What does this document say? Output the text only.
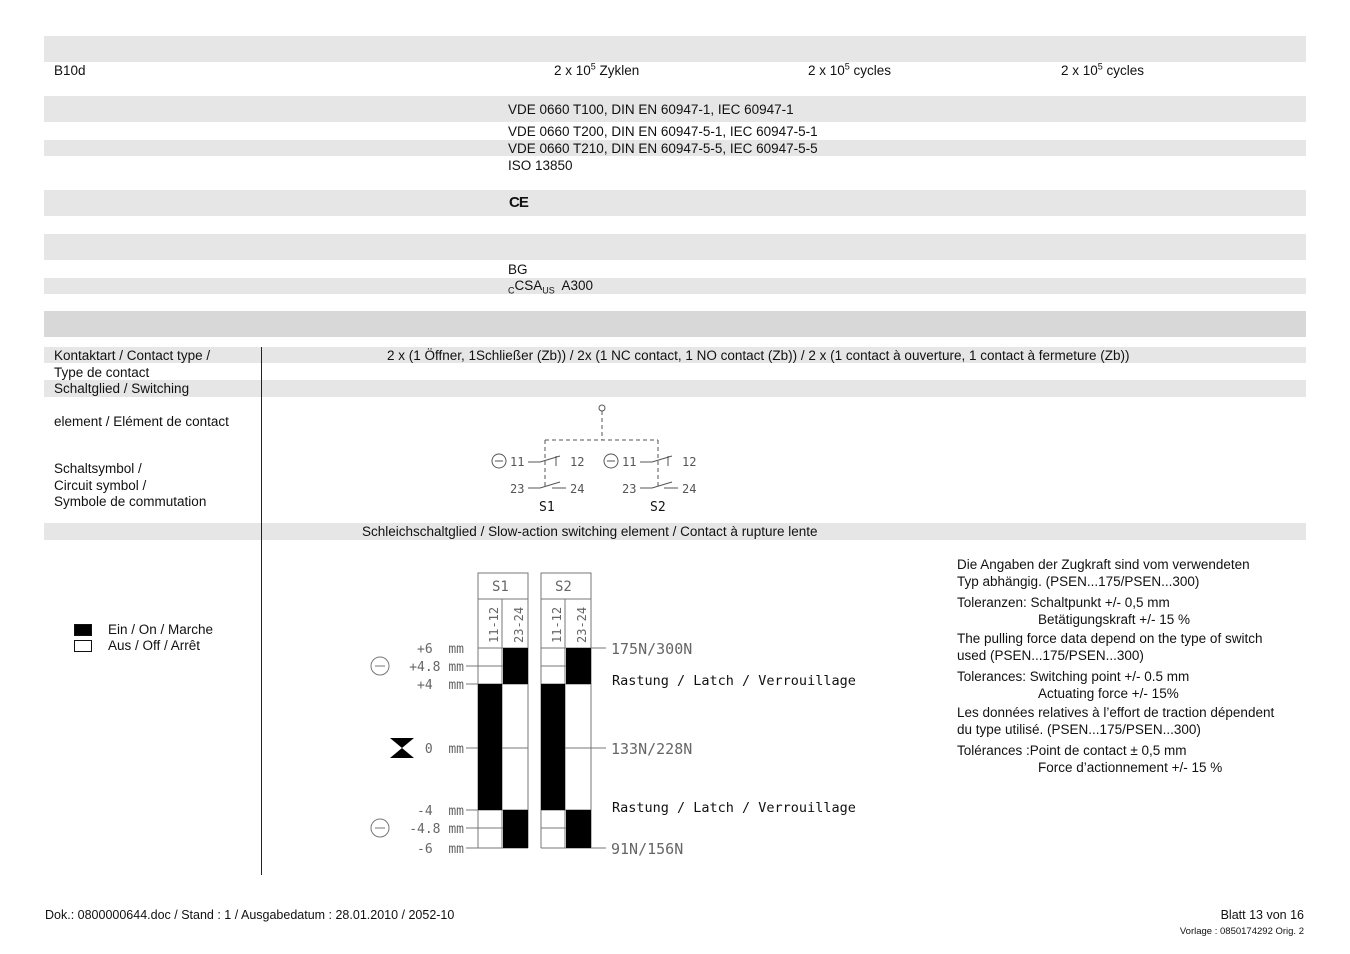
B10d	2 x $10^5$ Zyklen	2 x $10^5$ cycles	2 x $10^5$ cycles
VDE 0660 T100, DIN EN 60947-1, IEC 60947-1
VDE 0660 T200, DIN EN 60947-5-1, IEC 60947-5-1
VDE 0660 T210, DIN EN 60947-5-5, IEC 60947-5-5
ISO 13850
CE
BG
$_CCSA_{US}$  A300
Kontaktart / Contact type /
Type de contact
2 x (1 Öffner, 1Schließer (Zb)) / 2x (1 NC contact, 1 NO contact (Zb)) / 2 x (1 contact à ouverture, 1 contact à fermeture (Zb))
Schaltglied / Switching
element / Elément de contact
Schaltsymbol /
Circuit symbol /
Symbole de commutation
Schleichschaltglied / Slow-action switching element / Contact à rupture lente
11	12
23	24
11	12
23	24
S1	S2
Ein / On / Marche
Aus / Off / Arrêt
S1	S2
11-12 23-24 11-12 23-24
+6  mm
+4.8 mm
+4  mm
0  mm
-4  mm
-4.8 mm
-6  mm
175N/300N
133N/228N
91N/156N
Rastung / Latch / Verrouillage
Rastung / Latch / Verrouillage
Die Angaben der Zugkraft sind vom verwendeten
Typ abhängig. (PSEN...175/PSEN...300)
Toleranzen: Schaltpunkt +/- 0,5 mm
Betätigungskraft +/- 15 %
The pulling force data depend on the type of switch
used (PSEN...175/PSEN...300)
Tolerances: Switching point +/- 0.5 mm
Actuating force +/- 15%
Les données relatives à l’effort de traction dépendent
du type utilisé. (PSEN...175/PSEN...300)
Tolérances :Point de contact ± 0,5 mm
Force d’actionnement +/- 15 %
Dok.: 0800000644.doc / Stand : 1 / Ausgabedatum : 28.01.2010 / 2052-10	Blatt 13 von 16
Vorlage : 0850174292 Orig. 2
